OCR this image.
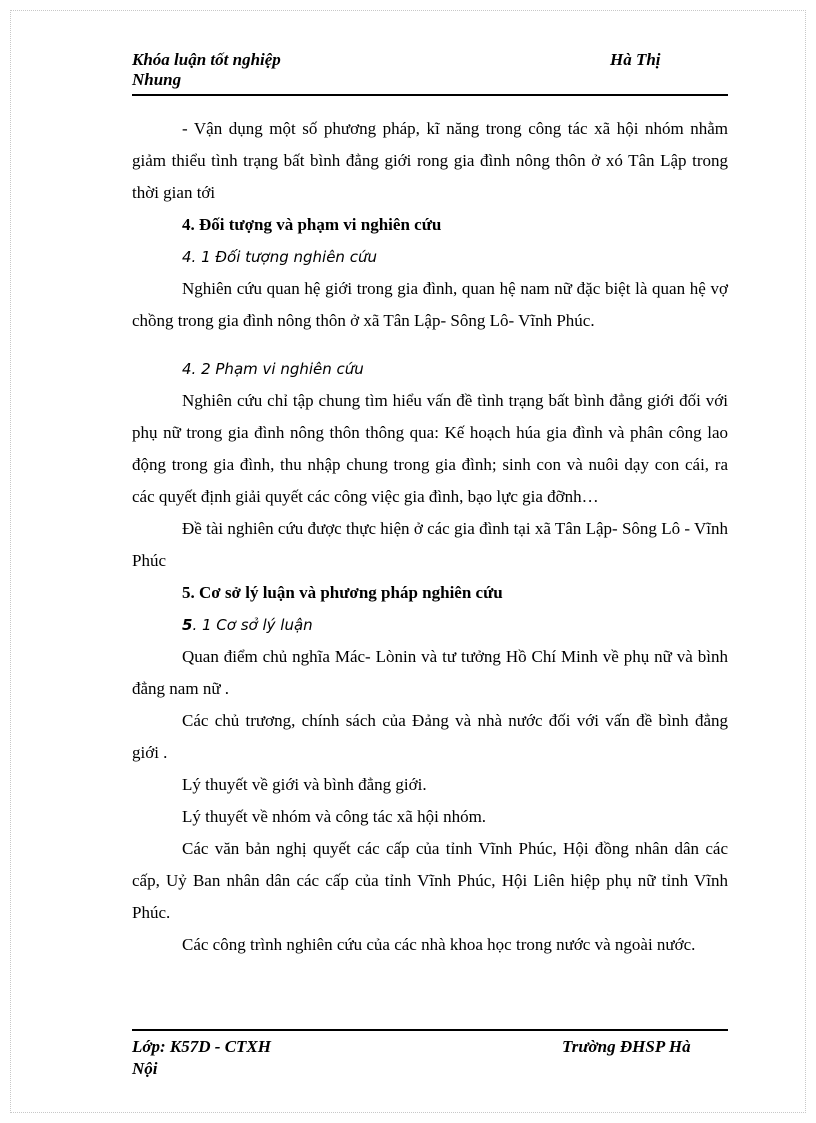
Khóa luận tốt nghiệp
Nhung
Hà Thị

- Vận dụng một số phương pháp, kĩ năng trong công tác xã hội nhóm nhằm giảm thiểu tình trạng bất bình đẳng giới rong gia đình nông thôn ở xó Tân Lập trong thời gian tới

4. Đối tượng và phạm vi nghiên cứu

4. 1 Đối tượng nghiên cứu

Nghiên cứu quan hệ giới trong gia đình, quan hệ nam nữ đặc biệt là quan hệ vợ chồng trong gia đình nông thôn ở xã Tân Lập- Sông Lô- Vĩnh Phúc.

4. 2 Phạm vi nghiên cứu

Nghiên cứu chỉ tập chung tìm hiểu vấn đề tình trạng bất bình đẳng giới đối với phụ nữ trong gia đình nông thôn thông qua: Kế hoạch húa gia đình và phân công lao động trong gia đình, thu nhập chung trong gia đình; sinh con và nuôi dạy con cái, ra các quyết định giải quyết các công việc gia đình, bạo lực gia đỡnh…

Đề tài nghiên cứu được thực hiện ở các gia đình tại xã Tân Lập- Sông Lô - Vĩnh Phúc

5. Cơ sở lý luận và phương pháp nghiên cứu

5. 1 Cơ sở lý luận

Quan điểm chủ nghĩa Mác- Lònin và tư tưởng Hồ Chí Minh về phụ nữ và bình đẳng nam nữ .

Các chủ trương, chính sách của Đảng và nhà nước đối với vấn đề bình đẳng giới .

Lý thuyết về giới và bình đẳng giới.

Lý thuyết về nhóm và công tác xã hội nhóm.

Các văn bản nghị quyết các cấp của tỉnh Vĩnh Phúc, Hội đồng nhân dân các cấp, Uỷ Ban nhân dân các cấp của tỉnh Vĩnh Phúc, Hội Liên hiệp phụ nữ tỉnh Vĩnh Phúc.

Các công trình nghiên cứu của các nhà khoa học trong nước và ngoài nước.

Lớp: K57D - CTXH
Nội
Trường ĐHSP Hà
